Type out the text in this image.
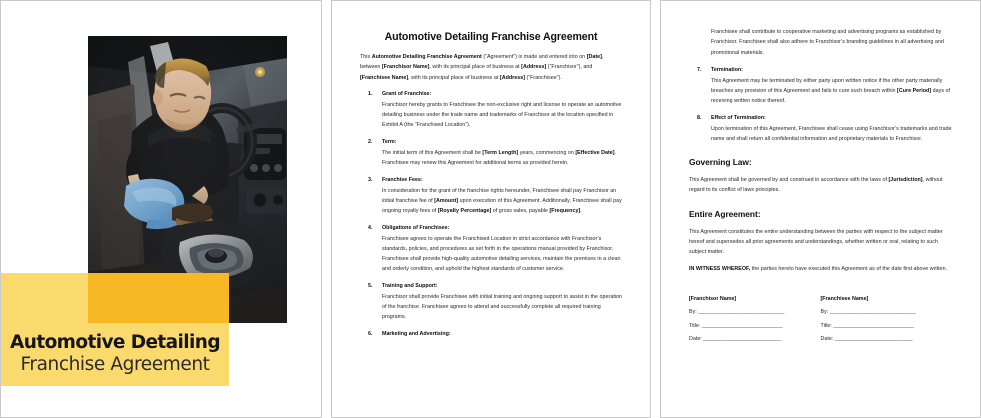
Automotive Detailing
Franchise Agreement
Automotive Detailing Franchise Agreement

This Automotive Detailing Franchise Agreement (“Agreement”) is made and entered into on [Date], between [Franchisor Name], with its principal place of business at [Address] (“Franchisor”), and [Franchisee Name], with its principal place of business at [Address] (“Franchisee”).

1. Grant of Franchise:
Franchisor hereby grants to Franchisee the non-exclusive right and license to operate an automotive detailing business under the trade name and trademarks of Franchisor at the location specified in Exhibit A (the “Franchised Location”).
2. Term:
The initial term of this Agreement shall be [Term Length] years, commencing on [Effective Date]. Franchisee may renew this Agreement for additional terms as provided herein.
3. Franchise Fees:
In consideration for the grant of the franchise rights hereunder, Franchisee shall pay Franchisor an initial franchise fee of [Amount] upon execution of this Agreement. Additionally, Franchisee shall pay ongoing royalty fees of [Royalty Percentage] of gross sales, payable [Frequency].
4. Obligations of Franchisee:
Franchisee agrees to operate the Franchised Location in strict accordance with Franchisor’s standards, policies, and procedures as set forth in the operations manual provided by Franchisor. Franchisee shall provide high-quality automotive detailing services, maintain the premises in a clean and orderly condition, and uphold the highest standards of customer service.
5. Training and Support:
Franchisor shall provide Franchisee with initial training and ongoing support to assist in the operation of the franchise. Franchisee agrees to attend and successfully complete all required training programs.
6. Marketing and Advertising:

Franchisee shall contribute to cooperative marketing and advertising programs as established by Franchisor. Franchisee shall also adhere to Franchisor’s branding guidelines in all advertising and promotional materials.

7. Termination:
This Agreement may be terminated by either party upon written notice if the other party materially breaches any provision of this Agreement and fails to cure such breach within [Cure Period] days of receiving written notice thereof.
8. Effect of Termination:
Upon termination of this Agreement, Franchisee shall cease using Franchisor’s trademarks and trade name and shall return all confidential information and proprietary materials to Franchisor.
Governing Law:

This Agreement shall be governed by and construed in accordance with the laws of [Jurisdiction], without regard to its conflict of laws principles.

Entire Agreement:

This Agreement constitutes the entire understanding between the parties with respect to the subject matter hereof and supersedes all prior agreements and understandings, whether written or oral, relating to such subject matter.

IN WITNESS WHEREOF, the parties hereto have executed this Agreement as of the date first above written.

[Franchisor Name]
By: _______________________________
Title: _____________________________
Date: ____________________________
[Franchisee Name]
By: _______________________________
Title: _____________________________
Date: ____________________________
